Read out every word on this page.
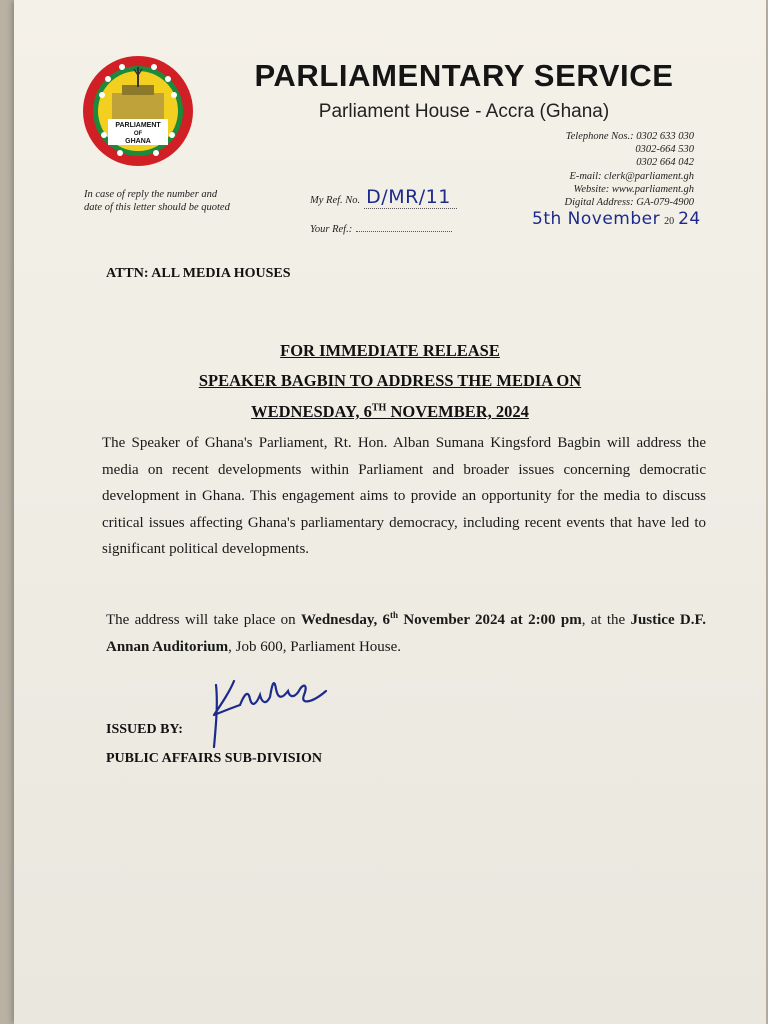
PARLIAMENT
OF
GHANA
PARLIAMENTARY SERVICE
Parliament House - Accra (Ghana)
Telephone Nos.: 0302 633 030
0302-664 530
0302 664 042
E-mail: clerk@parliament.gh
Website: www.parliament.gh
Digital Address: GA-079-4900
In case of reply the number and date of this letter should be quoted
My Ref. No. D/MR/11
Your Ref.:
5th November 20 24
ATTN: ALL MEDIA HOUSES
FOR IMMEDIATE RELEASE
SPEAKER BAGBIN TO ADDRESS THE MEDIA ON
WEDNESDAY, 6TH NOVEMBER, 2024
The Speaker of Ghana's Parliament, Rt. Hon. Alban Sumana Kingsford Bagbin will address the media on recent developments within Parliament and broader issues concerning democratic development in Ghana. This engagement aims to provide an opportunity for the media to discuss critical issues affecting Ghana's parliamentary democracy, including recent events that have led to significant political developments.
The address will take place on Wednesday, 6th November 2024 at 2:00 pm, at the Justice D.F. Annan Auditorium, Job 600, Parliament House.
ISSUED BY:
PUBLIC AFFAIRS SUB-DIVISION
